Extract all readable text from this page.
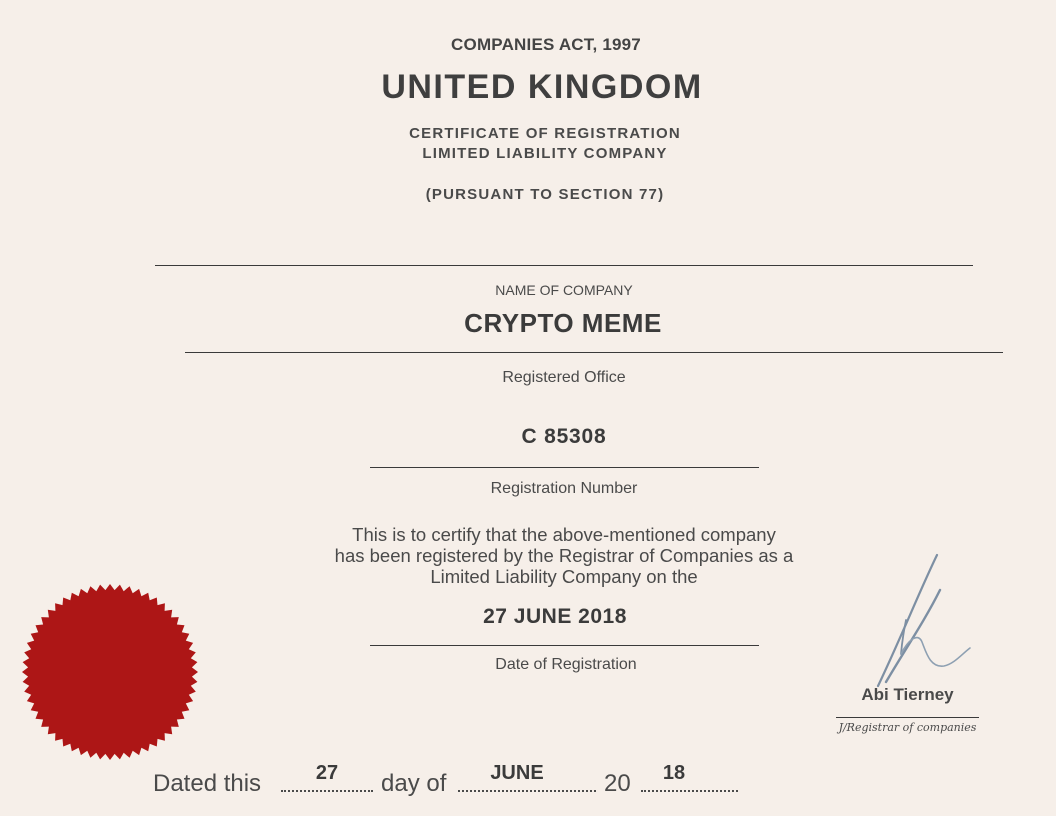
COMPANIES ACT, 1997
UNITED KINGDOM
CERTIFICATE OF REGISTRATION
LIMITED LIABILITY COMPANY
(PURSUANT TO SECTION 77)
NAME OF COMPANY
CRYPTO MEME
Registered Office
C 85308
Registration Number
This is to certify that the above-mentioned company
has been registered by the Registrar of Companies as a
Limited Liability Company on the
27 JUNE 2018
Date of Registration
Abi Tierney
J/Registrar of companies
Dated this	27	day of	JUNE	20	18
